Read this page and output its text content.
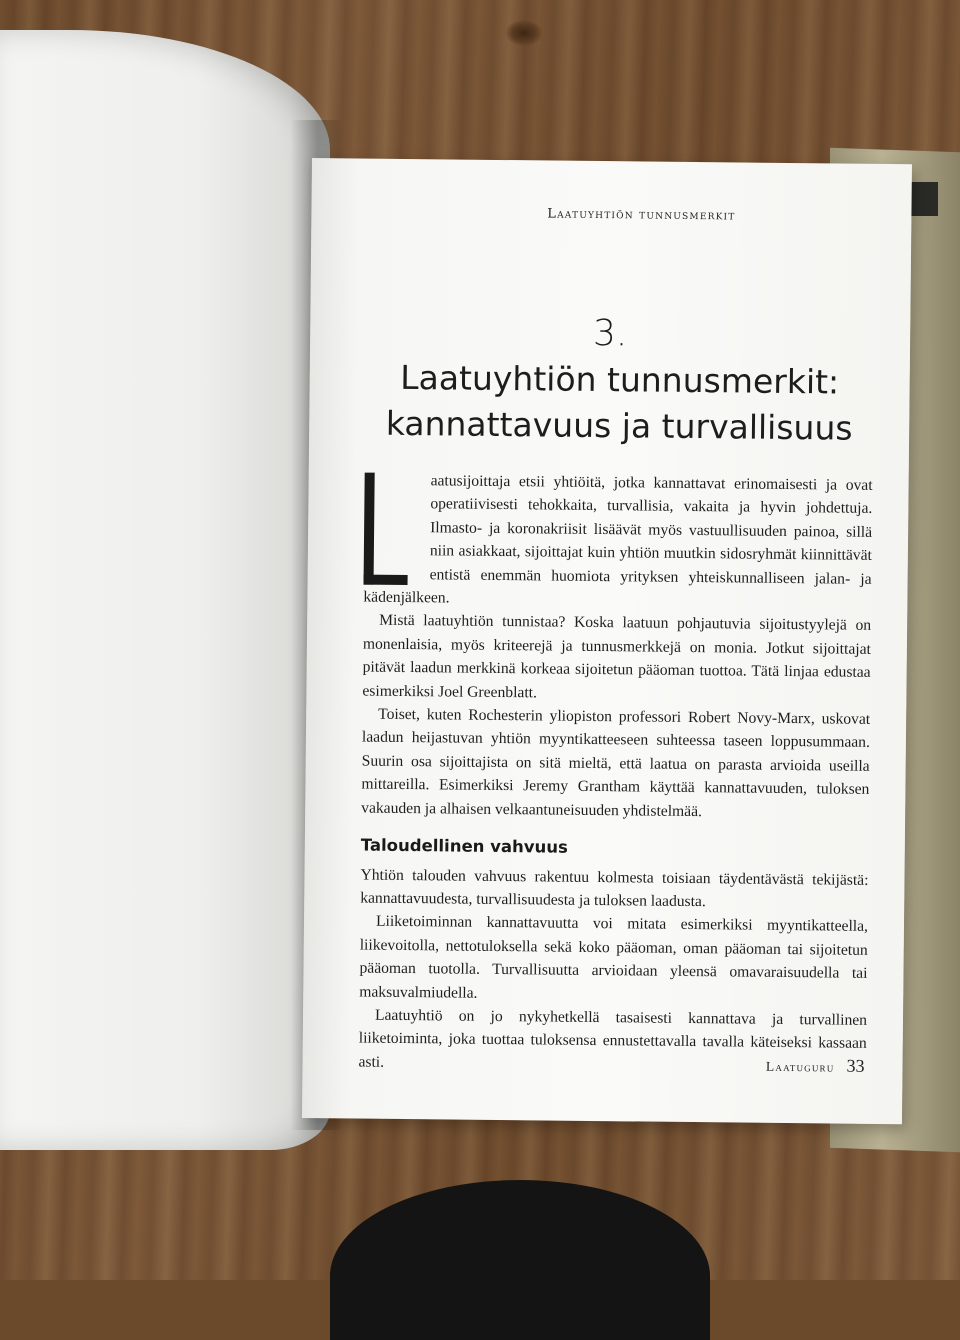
Laatuyhtiön tunnusmerkit
3.
Laatuyhtiön tunnusmerkit:
kannattavuus ja turvallisuus

aatusijoittaja etsii yhtiöitä, jotka kannattavat erinomaisesti ja ovat operatiivisesti tehokkaita, turvallisia, vakaita ja hyvin johdettuja. Ilmasto- ja koronakriisit lisäävät myös vastuullisuuden painoa, sillä niin asiakkaat, sijoittajat kuin yhtiön muutkin sidosryhmät kiinnittävät entistä enemmän huomiota yrityksen yhteiskunnalliseen jalan- ja kädenjälkeen.

Mistä laatuyhtiön tunnistaa? Koska laatuun pohjautuvia sijoitustyylejä on monenlaisia, myös kriteerejä ja tunnusmerkkejä on monia. Jotkut sijoittajat pitävät laadun merkkinä korkeaa sijoitetun pääoman tuottoa. Tätä linjaa edustaa esimerkiksi Joel Greenblatt.

Toiset, kuten Rochesterin yliopiston professori Robert Novy-Marx, uskovat laadun heijastuvan yhtiön myyntikatteeseen suhteessa taseen loppusummaan. Suurin osa sijoittajista on sitä mieltä, että laatua on parasta arvioida useilla mittareilla. Esimerkiksi Jeremy Grantham käyttää kannattavuuden, tuloksen vakauden ja alhaisen velkaantuneisuuden yhdistelmää.

Taloudellinen vahvuus

Yhtiön talouden vahvuus rakentuu kolmesta toisiaan täydentävästä tekijästä: kannattavuudesta, turvallisuudesta ja tuloksen laadusta.

Liiketoiminnan kannattavuutta voi mitata esimerkiksi myyntikatteella, liikevoitolla, nettotuloksella sekä koko pääoman, oman pääoman tai sijoitetun pääoman tuotolla. Turvallisuutta arvioidaan yleensä omavaraisuudella tai maksuvalmiudella.

Laatuyhtiö on jo nykyhetkellä tasaisesti kannattava ja turvallinen liiketoiminta, joka tuottaa tuloksensa ennustettavalla tavalla käteiseksi kassaan asti.	Laatuguru 33
